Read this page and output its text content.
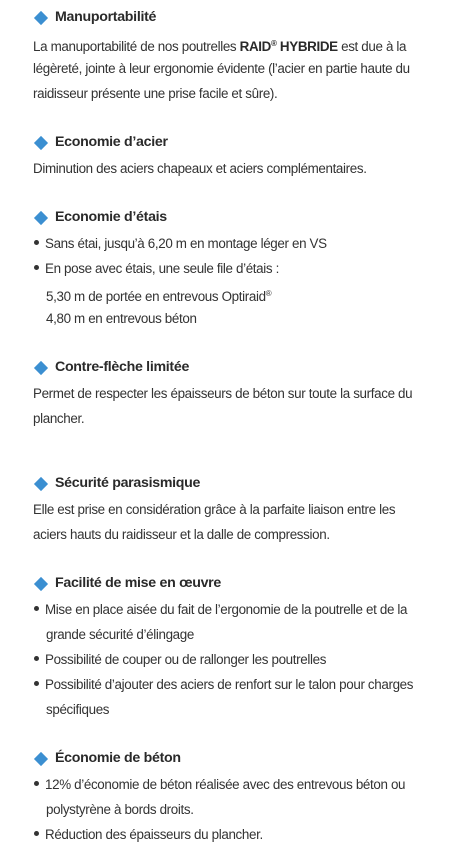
Manuportabilité
La manuportabilité de nos poutrelles RAID® HYBRIDE est due à la
légèreté, jointe à leur ergonomie évidente (l’acier en partie haute du
raidisseur présente une prise facile et sûre).
Economie d’acier
Diminution des aciers chapeaux et aciers complémentaires.
Economie d’étais
Sans étai, jusqu’à 6,20 m en montage léger en VS
En pose avec étais, une seule file d’étais :
5,30 m de portée en entrevous Optiraid®
4,80 m en entrevous béton
Contre-flèche limitée
Permet de respecter les épaisseurs de béton sur toute la surface du
plancher.
Sécurité parasismique
Elle est prise en considération grâce à la parfaite liaison entre les
aciers hauts du raidisseur et la dalle de compression.
Facilité de mise en œuvre
Mise en place aisée du fait de l’ergonomie de la poutrelle et de la
grande sécurité d’élingage
Possibilité de couper ou de rallonger les poutrelles
Possibilité d’ajouter des aciers de renfort sur le talon pour charges
spécifiques
Économie de béton
12% d’économie de béton réalisée avec des entrevous béton ou
polystyrène à bords droits.
Réduction des épaisseurs du plancher.
